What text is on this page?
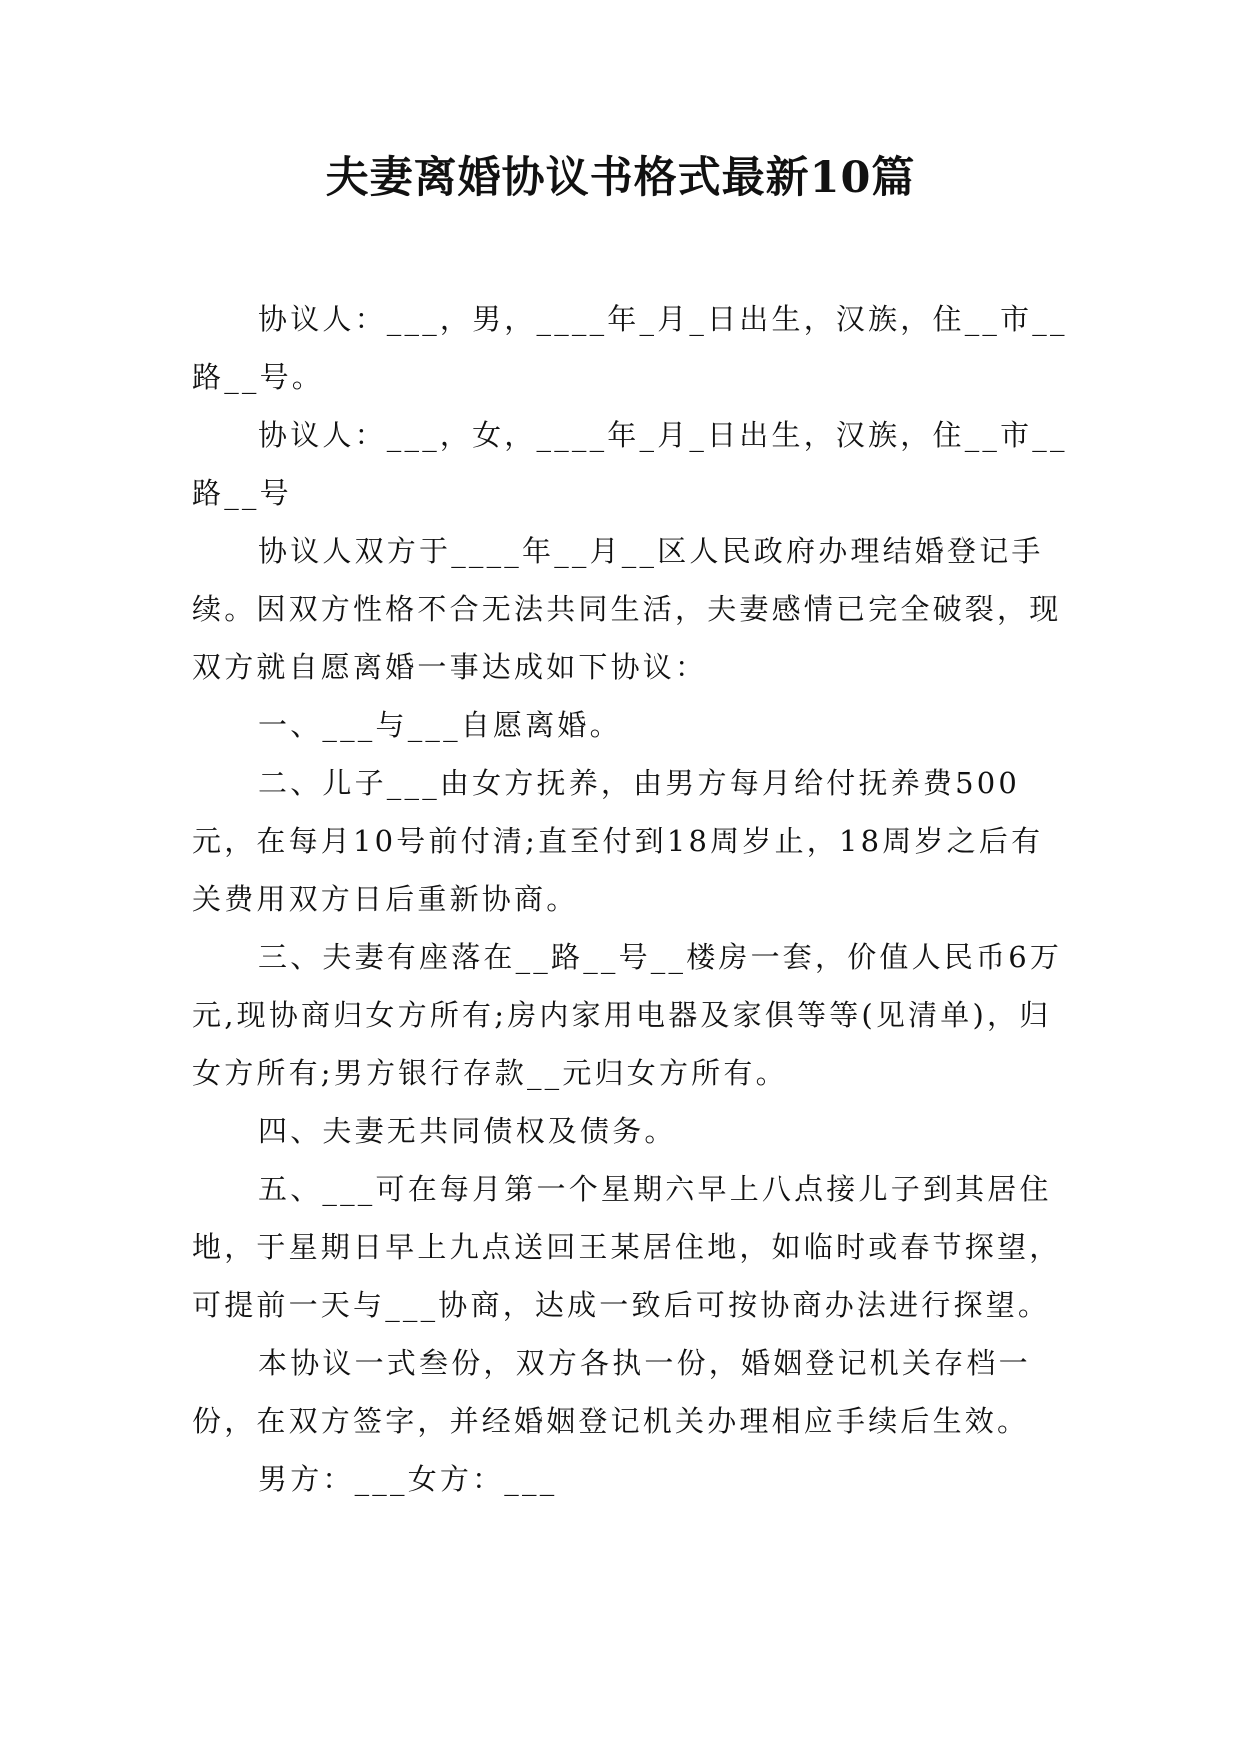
夫妻离婚协议书格式最新10篇

协议人：___，男，____年_月_日出生，汉族，住__市__路__号。

协议人：___，女，____年_月_日出生，汉族，住__市__路__号

协议人双方于____年__月__区人民政府办理结婚登记手续。因双方性格不合无法共同生活，夫妻感情已完全破裂，现双方就自愿离婚一事达成如下协议：

一、___与___自愿离婚。

二、儿子___由女方抚养，由男方每月给付抚养费500元，在每月10号前付清;直至付到18周岁止，18周岁之后有关费用双方日后重新协商。

三、夫妻有座落在__路__号__楼房一套，价值人民币6万元,现协商归女方所有;房内家用电器及家俱等等(见清单)，归女方所有;男方银行存款__元归女方所有。

四、夫妻无共同债权及债务。

五、___可在每月第一个星期六早上八点接儿子到其居住地，于星期日早上九点送回王某居住地，如临时或春节探望，可提前一天与___协商，达成一致后可按协商办法进行探望。

本协议一式叁份，双方各执一份，婚姻登记机关存档一份，在双方签字，并经婚姻登记机关办理相应手续后生效。

男方：___女方：___
